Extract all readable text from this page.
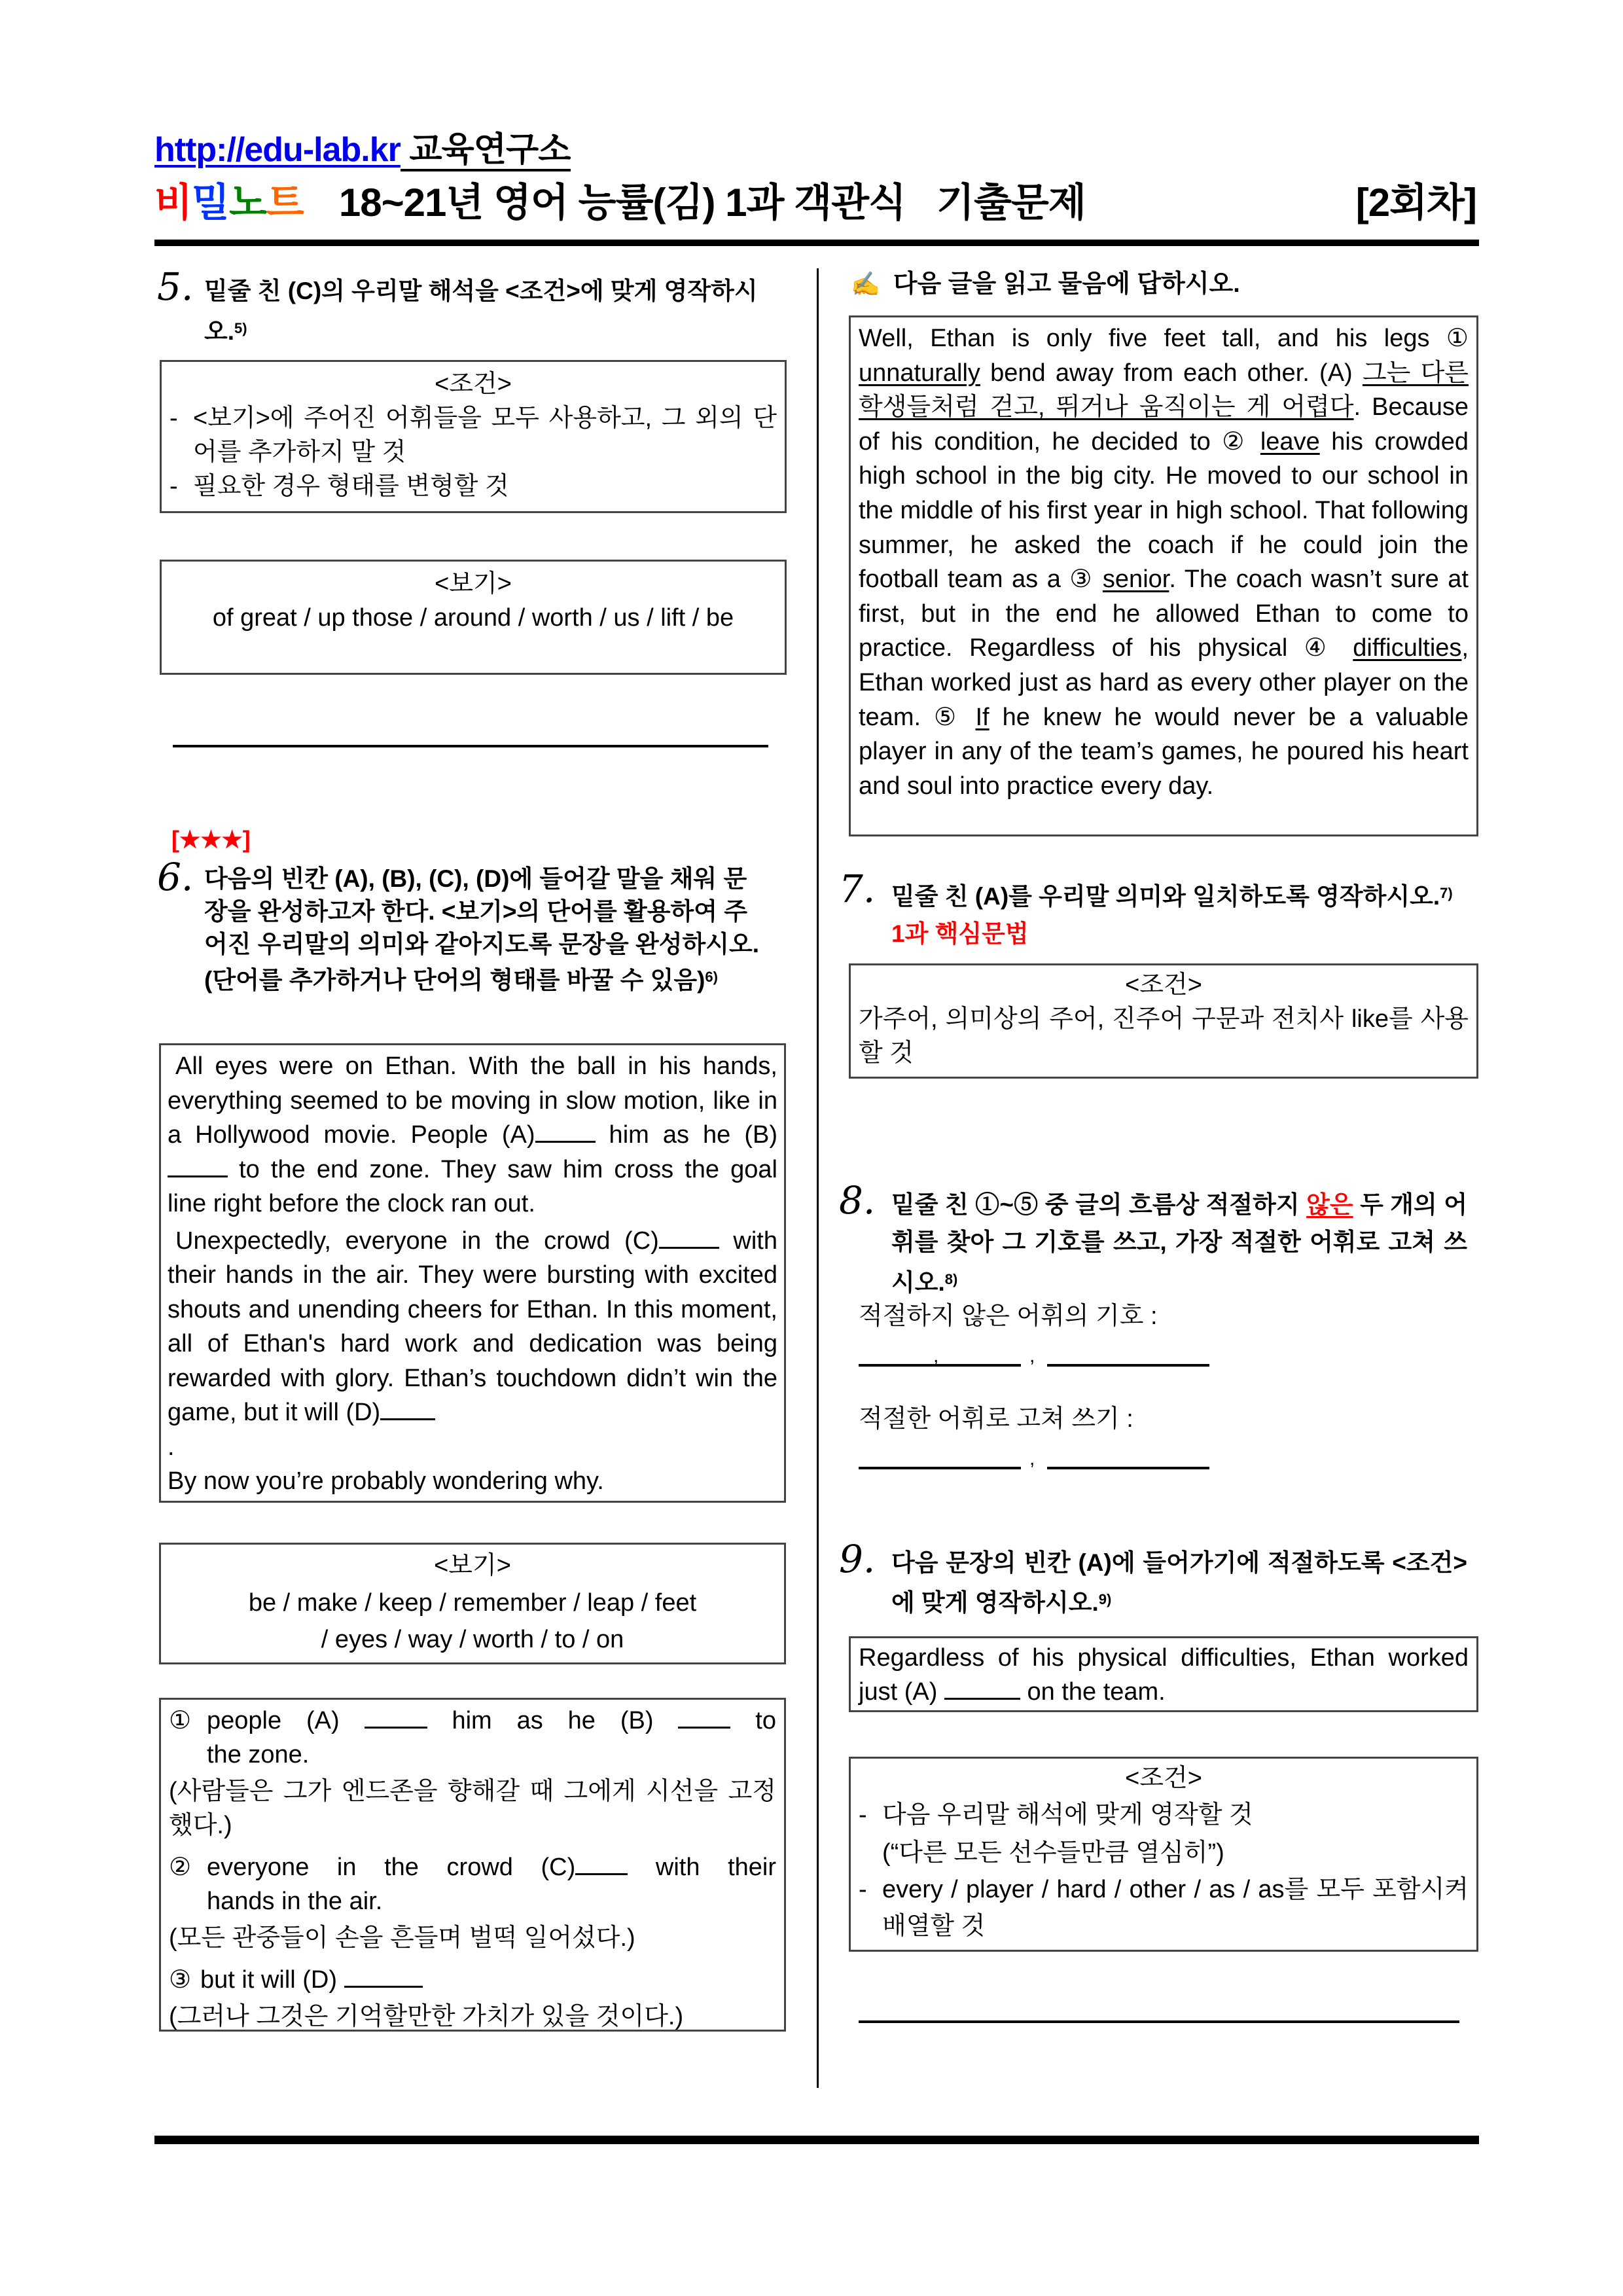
http://edu-lab.kr 교육연구소
비밀노트 18~21년 영어 능률(김) 1과 객관식   기출문제	[2회차]
5. 밑줄 친 (C)의 우리말 해석을 <조건>에 맞게 영작하시오.$^{5)}$
<조건>
- <보기>에 주어진 어휘들을 모두 사용하고, 그 외의 단어를 추가하지 말 것
- 필요한 경우 형태를 변형할 것
<보기>
of great / up those / around / worth / us / lift / be
[★★★]
6. 다음의 빈칸 (A), (B), (C), (D)에 들어갈 말을 채워 문장을 완성하고자 한다. <보기>의 단어를 활용하여 주어진 우리말의 의미와 같아지도록 문장을 완성하시오. (단어를 추가하거나 단어의 형태를 바꿀 수 있음)$^{6)}$
All eyes were on Ethan. With the ball in his hands, everything seemed to be moving in slow motion, like in a Hollywood movie. People (A) him as he (B) to the end zone. They saw him cross the goal line right before the clock ran out.
Unexpectedly, everyone in the crowd (C) with their hands in the air. They were bursting with excited shouts and unending cheers for Ethan. In this moment, all of Ethan's hard work and dedication was being rewarded with glory. Ethan’s touchdown didn’t win the game, but it will (D)
.
By now you’re probably wondering why.
<보기>
be / make / keep / remember / leap / feet
/ eyes / way / worth / to / on
① people (A)	him as he (B)	to
the zone.
(사람들은 그가 엔드존을 향해갈 때 그에게 시선을 고정했다.)
② everyone in the crowd (C) with their
hands in the air.
(모든 관중들이 손을 흔들며 벌떡 일어섰다.)
③ but it will (D)
(그러나 그것은 기억할만한 가치가 있을 것이다.)
✍ 다음 글을 읽고 물음에 답하시오.
Well, Ethan is only five feet tall, and his legs ① unnaturally bend away from each other. (A) 그는 다른 학생들처럼 걷고, 뛰거나 움직이는 게 어렵다. Because of his condition, he decided to ② leave his crowded high school in the big city. He moved to our school in the middle of his first year in high school. That following summer, he asked the coach if he could join the football team as a ③ senior. The coach wasn’t sure at first, but in the end he allowed Ethan to come to practice. Regardless of his physical ④ difficulties, Ethan worked just as hard as every other player on the team. ⑤ If he knew he would never be a valuable player in any of the team’s games, he poured his heart and soul into practice every day.
7. 밑줄 친 (A)를 우리말 의미와 일치하도록 영작하시오.$^{7)}$ 1과 핵심문법
<조건>
가주어, 의미상의 주어, 진주어 구문과 전치사 like를 사용할 것
8. 밑줄 친 ①~⑤ 중 글의 흐름상 적절하지 않은 두 개의 어휘를 찾아 그 기호를 쓰고, 가장 적절한 어휘로 고쳐 쓰시오.$^{8)}$
적절하지 않은 어휘의 기호 :
,	,
적절한 어휘로 고쳐 쓰기 :
,
9. 다음 문장의 빈칸 (A)에 들어가기에 적절하도록 <조건>에 맞게 영작하시오.$^{9)}$
Regardless of his physical difficulties, Ethan worked just (A)	on the team.
<조건>
- 다음 우리말 해석에 맞게 영작할 것
(“다른 모든 선수들만큼 열심히”)
- every / player / hard / other / as / as를 모두 포함시켜 배열할 것
